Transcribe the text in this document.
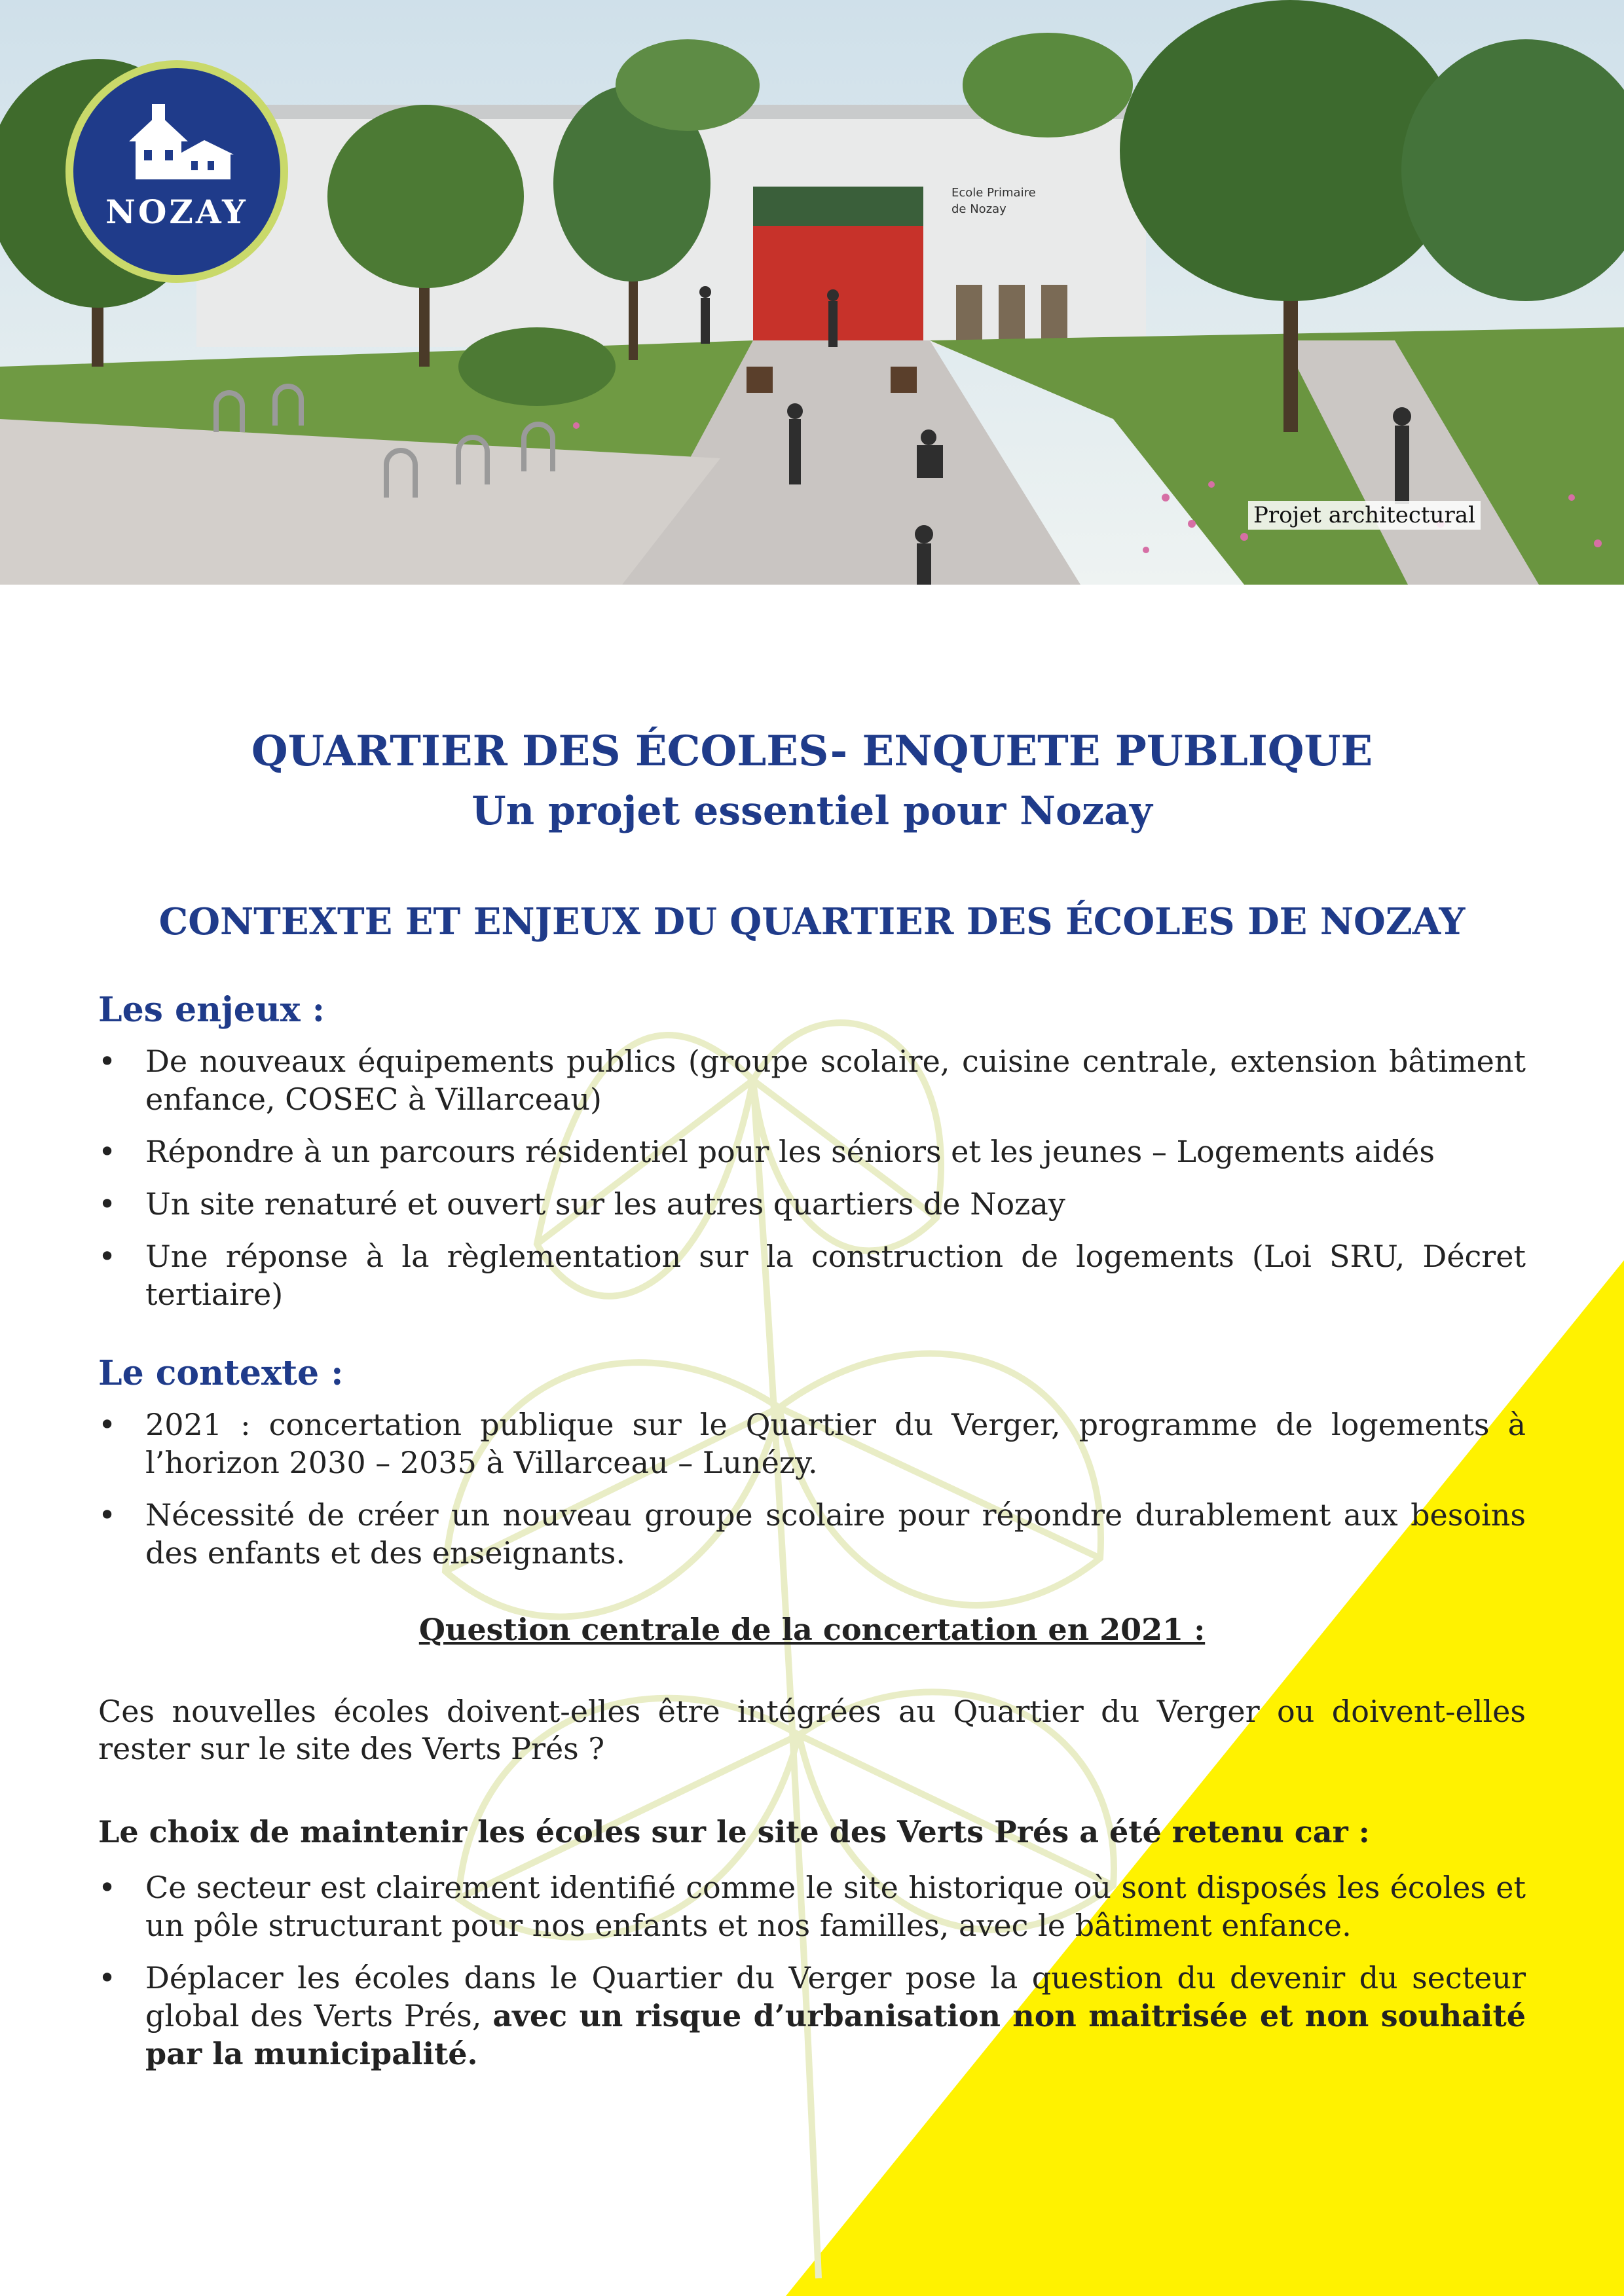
Ecole Primaire
de Nozay
NOZAY
Projet architectural
QUARTIER DES ÉCOLES- ENQUETE PUBLIQUE
Un projet essentiel pour Nozay
CONTEXTE ET ENJEUX DU QUARTIER DES ÉCOLES DE NOZAY
Les enjeux :
• De nouveaux équipements publics (groupe scolaire, cuisine centrale, extension bâtiment enfance, COSEC à Villarceau)
• Répondre à un parcours résidentiel pour les séniors et les jeunes – Logements aidés
• Un site renaturé et ouvert sur les autres quartiers de Nozay
• Une réponse à la règlementation sur la construction de logements (Loi SRU, Décret tertiaire)
Le contexte :
• 2021 : concertation publique sur le Quartier du Verger, programme de logements à l’horizon 2030 – 2035 à Villarceau – Lunézy.
• Nécessité de créer un nouveau groupe scolaire pour répondre durablement aux besoins des enfants et des enseignants.
Question centrale de la concertation en 2021 :
Ces nouvelles écoles doivent-elles être intégrées au Quartier du Verger ou doivent-elles rester sur le site des Verts Prés ?
Le choix de maintenir les écoles sur le site des Verts Prés a été retenu car :
• Ce secteur est clairement identifié comme le site historique où sont disposés les écoles et un pôle structurant pour nos enfants et nos familles, avec le bâtiment enfance.
• Déplacer les écoles dans le Quartier du Verger pose la question du devenir du secteur global des Verts Prés, avec un risque d’urbanisation non maitrisée et non souhaité par la municipalité.
